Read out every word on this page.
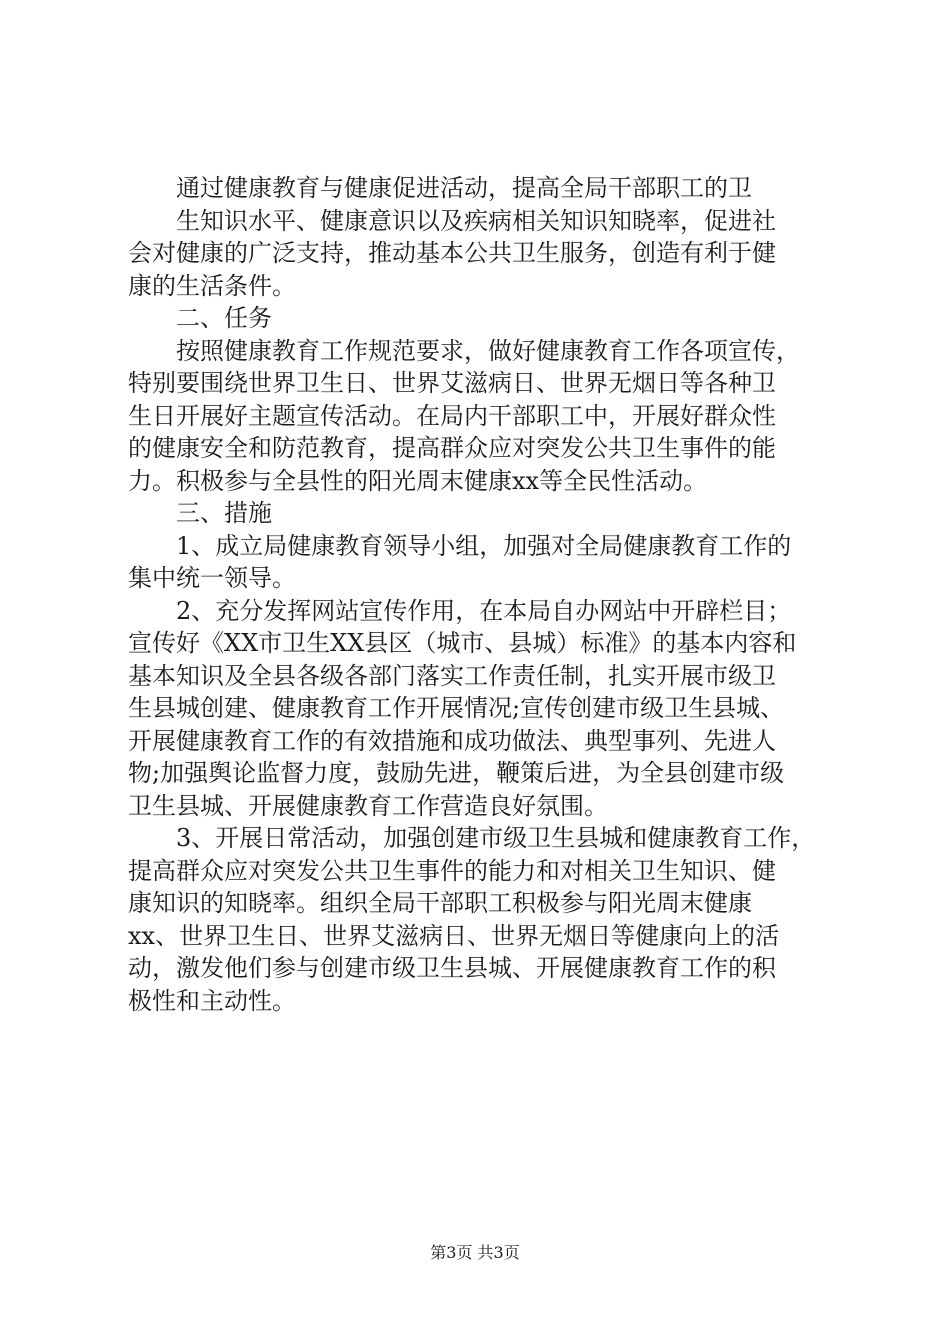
通过健康教育与健康促进活动，提高全局干部职工的卫
生知识水平、健康意识以及疾病相关知识知晓率，促进社
会对健康的广泛支持，推动基本公共卫生服务，创造有利于健
康的生活条件。
二、任务
按照健康教育工作规范要求，做好健康教育工作各项宣传，
特别要围绕世界卫生日、世界艾滋病日、世界无烟日等各种卫
生日开展好主题宣传活动。在局内干部职工中，开展好群众性
的健康安全和防范教育，提高群众应对突发公共卫生事件的能
力。积极参与全县性的阳光周末健康xx等全民性活动。
三、措施
1、成立局健康教育领导小组，加强对全局健康教育工作的
集中统一领导。
2、充分发挥网站宣传作用，在本局自办网站中开辟栏目；
宣传好《XX市卫生XX县区（城市、县城）标准》的基本内容和
基本知识及全县各级各部门落实工作责任制，扎实开展市级卫
生县城创建、健康教育工作开展情况;宣传创建市级卫生县城、
开展健康教育工作的有效措施和成功做法、典型事列、先进人
物;加强舆论监督力度，鼓励先进，鞭策后进，为全县创建市级
卫生县城、开展健康教育工作营造良好氛围。
3、开展日常活动，加强创建市级卫生县城和健康教育工作，
提高群众应对突发公共卫生事件的能力和对相关卫生知识、健
康知识的知晓率。组织全局干部职工积极参与阳光周末健康
xx、世界卫生日、世界艾滋病日、世界无烟日等健康向上的活
动，激发他们参与创建市级卫生县城、开展健康教育工作的积
极性和主动性。
第3页 共3页
